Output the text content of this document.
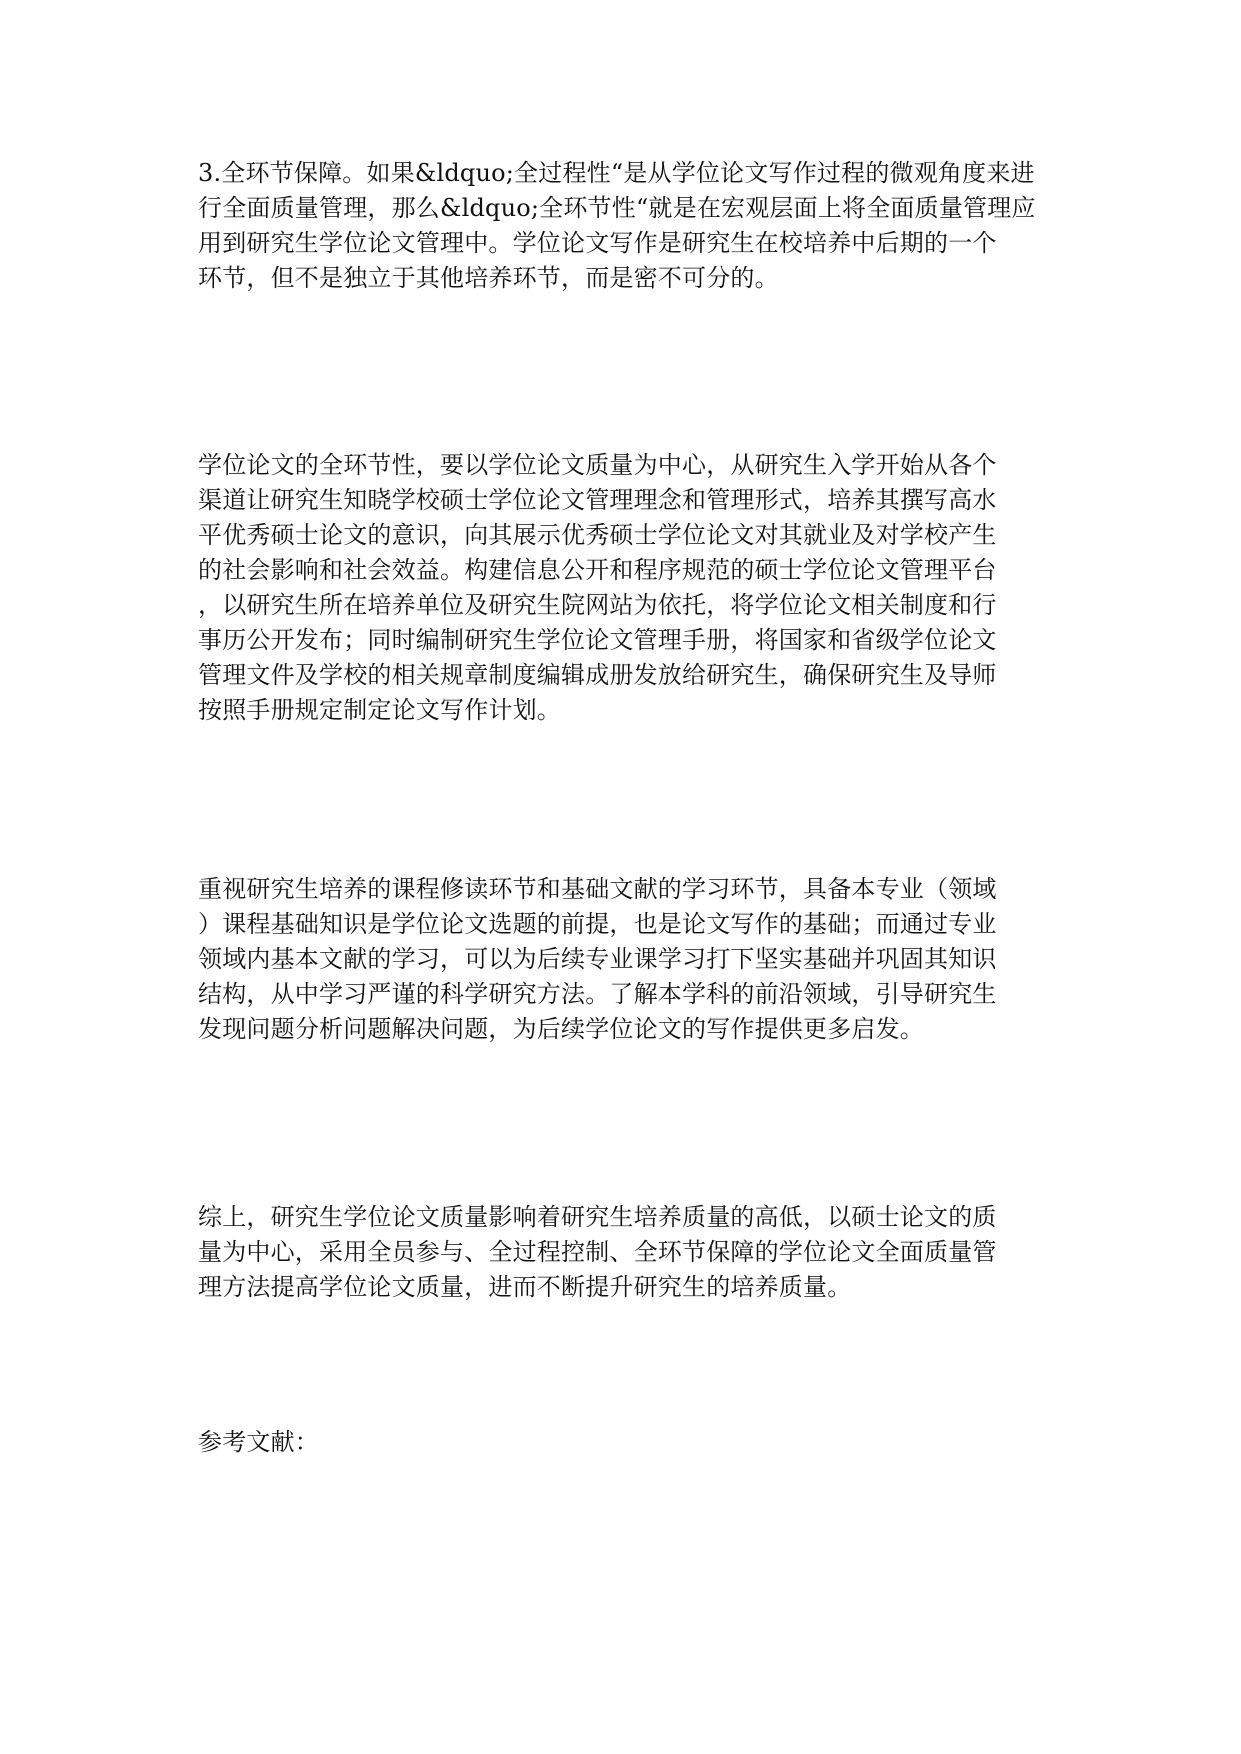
3.全环节保障。如果&ldquo;全过程性“是从学位论文写作过程的微观角度来进
行全面质量管理，那么&ldquo;全环节性“就是在宏观层面上将全面质量管理应
用到研究生学位论文管理中。学位论文写作是研究生在校培养中后期的一个
环节，但不是独立于其他培养环节，而是密不可分的。

学位论文的全环节性，要以学位论文质量为中心，从研究生入学开始从各个
渠道让研究生知晓学校硕士学位论文管理理念和管理形式，培养其撰写高水
平优秀硕士论文的意识，向其展示优秀硕士学位论文对其就业及对学校产生
的社会影响和社会效益。构建信息公开和程序规范的硕士学位论文管理平台
，以研究生所在培养单位及研究生院网站为依托，将学位论文相关制度和行
事历公开发布；同时编制研究生学位论文管理手册，将国家和省级学位论文
管理文件及学校的相关规章制度编辑成册发放给研究生，确保研究生及导师
按照手册规定制定论文写作计划。

重视研究生培养的课程修读环节和基础文献的学习环节，具备本专业（领域
）课程基础知识是学位论文选题的前提，也是论文写作的基础；而通过专业
领域内基本文献的学习，可以为后续专业课学习打下坚实基础并巩固其知识
结构，从中学习严谨的科学研究方法。了解本学科的前沿领域，引导研究生
发现问题分析问题解决问题，为后续学位论文的写作提供更多启发。

综上，研究生学位论文质量影响着研究生培养质量的高低，以硕士论文的质
量为中心，采用全员参与、全过程控制、全环节保障的学位论文全面质量管
理方法提高学位论文质量，进而不断提升研究生的培养质量。

参考文献：
